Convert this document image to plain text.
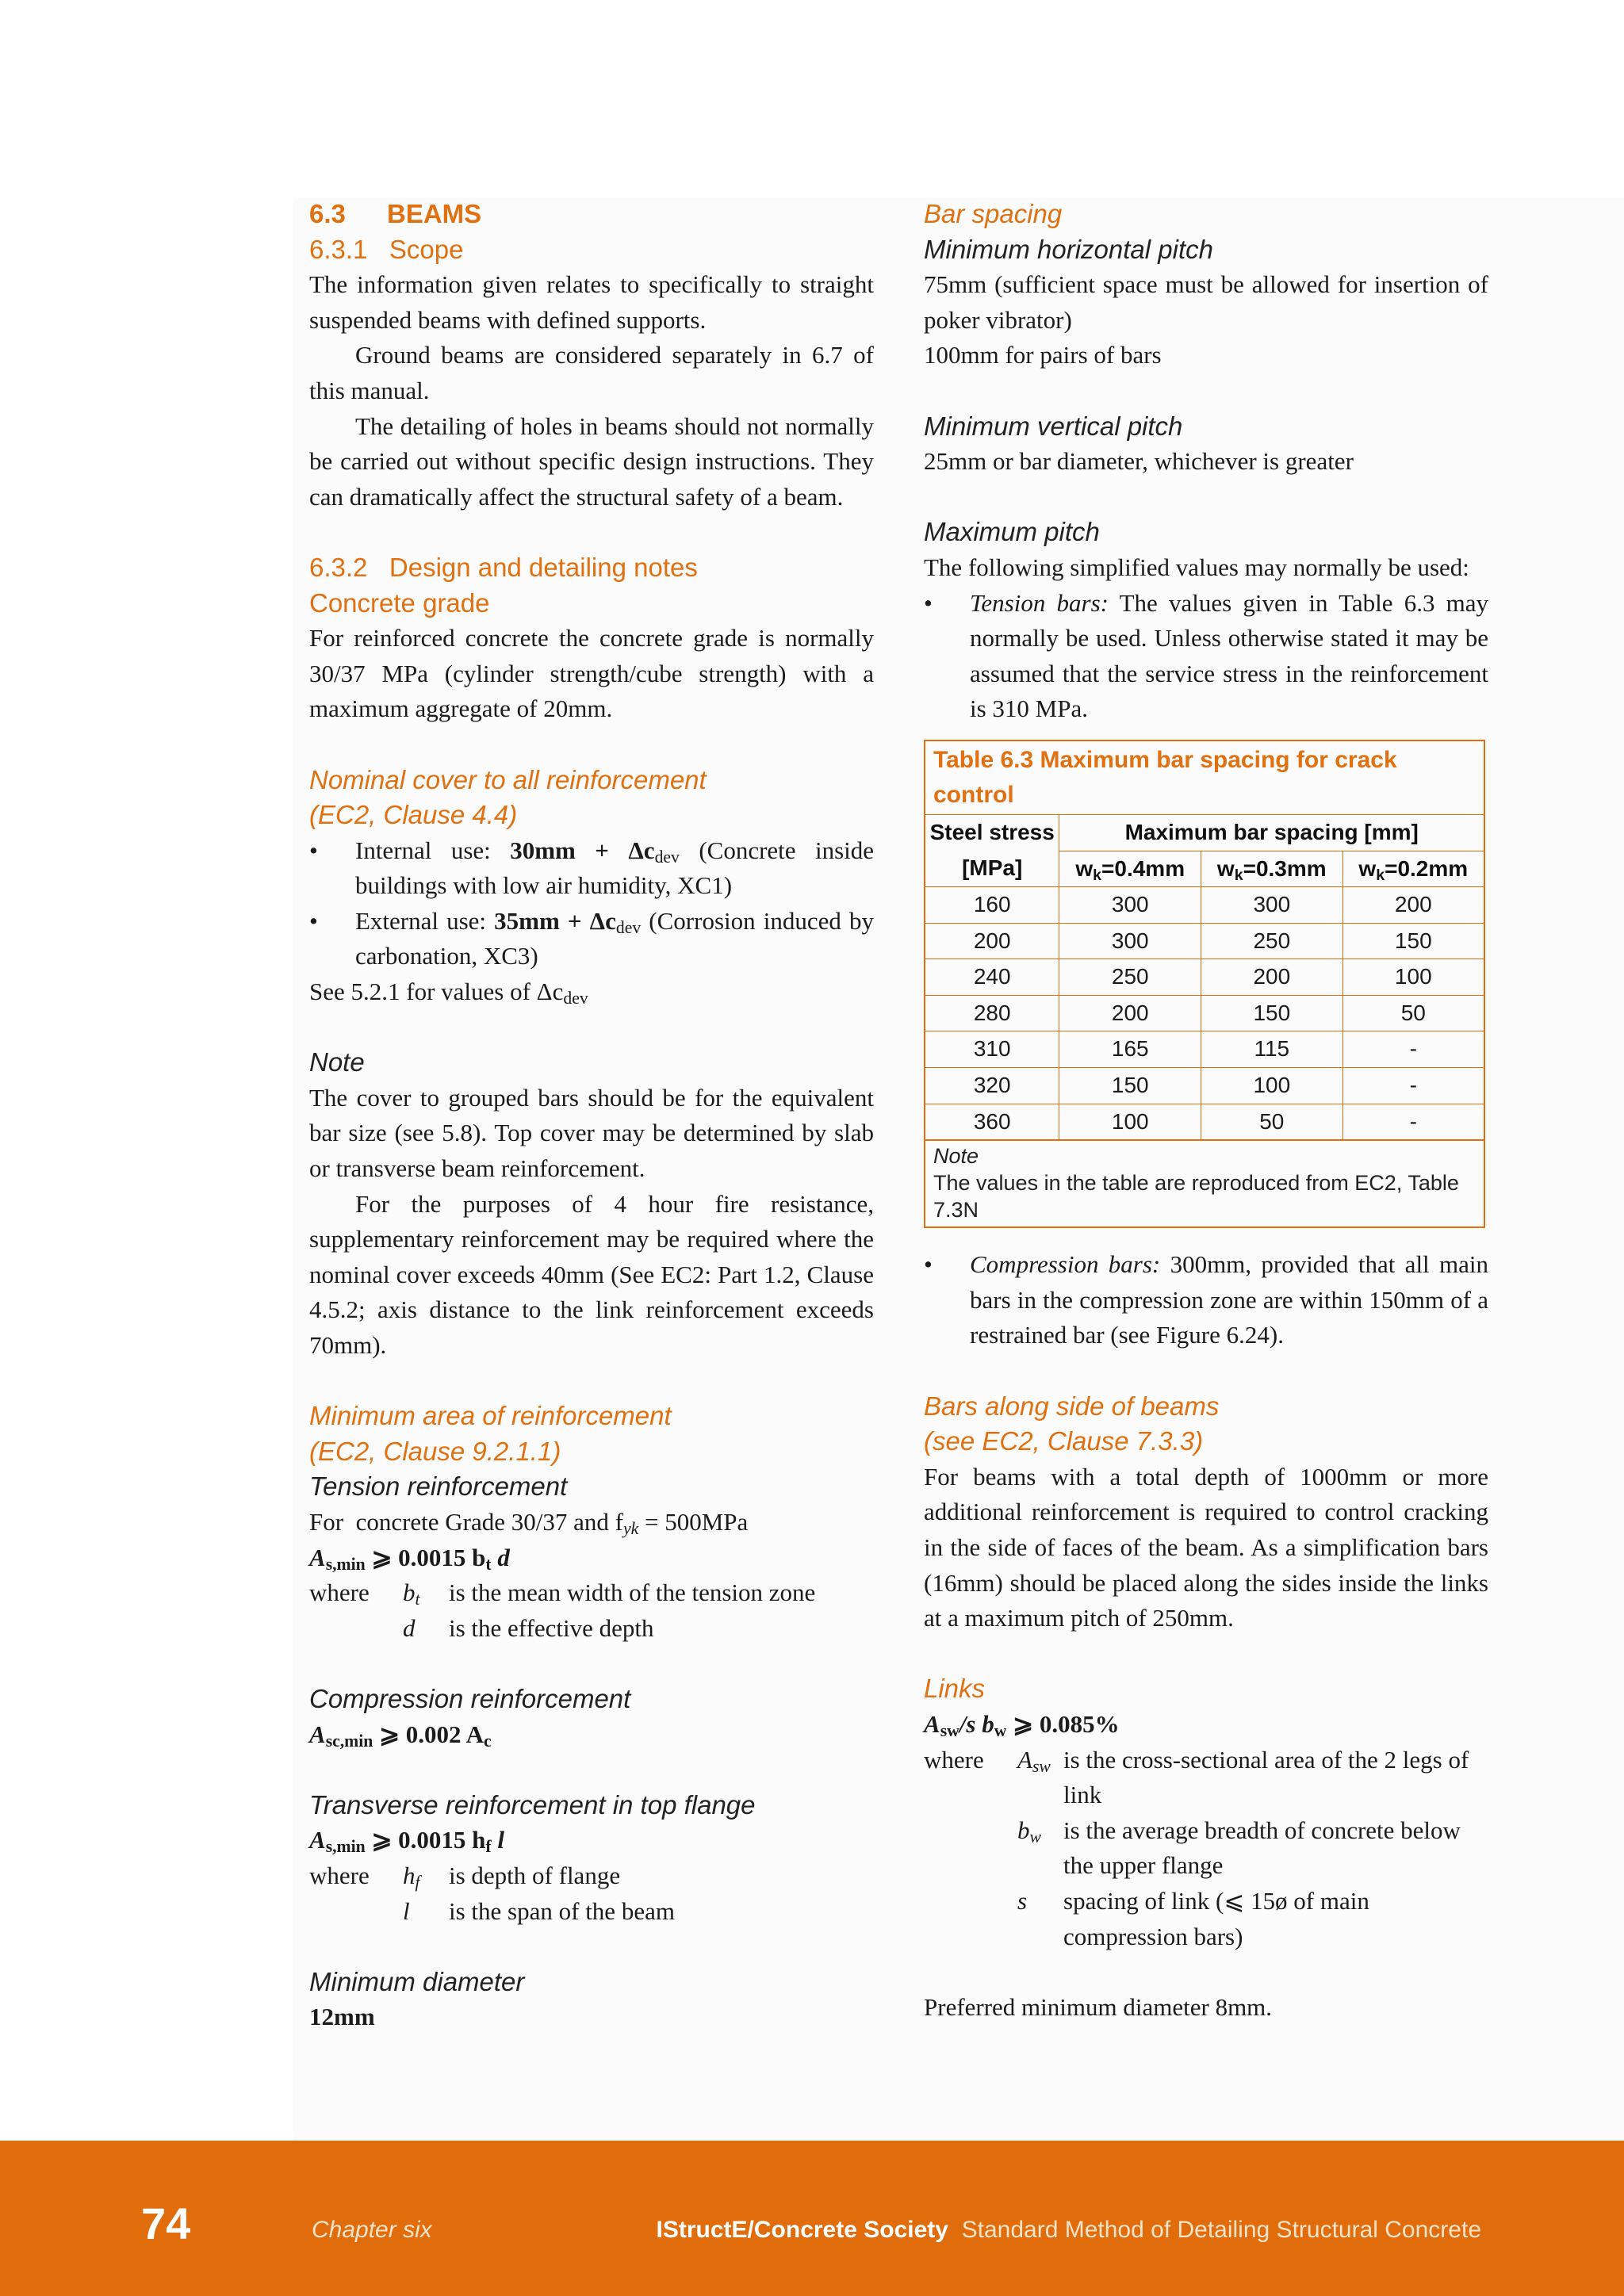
6.3 BEAMS
6.3.1   Scope

The information given relates to specifically to straight suspended beams with defined supports.

Ground beams are considered separately in 6.7 of this manual.

The detailing of holes in beams should not normally be carried out without specific design instructions. They can dramatically affect the structural safety of a beam.

6.3.2   Design and detailing notes
Concrete grade

For reinforced concrete the concrete grade is normally 30/37 MPa (cylinder strength/cube strength) with a maximum aggregate of 20mm.

Nominal cover to all reinforcement
(EC2, Clause 4.4)
• Internal use: $30mm + \Delta c_{dev}$ (Concrete inside buildings with low air humidity, XC1)
• External use: $35mm + \Delta c_{dev}$ (Corrosion induced by carbonation, XC3)

See 5.2.1 for values of $\Delta c_{dev}$

Note

The cover to grouped bars should be for the equivalent bar size (see 5.8). Top cover may be determined by slab or transverse beam reinforcement.

For the purposes of 4 hour fire resistance, supplementary reinforcement may be required where the nominal cover exceeds 40mm (See EC2: Part 1.2, Clause 4.5.2; axis distance to the link reinforcement exceeds 70mm).

Minimum area of reinforcement
(EC2, Clause 9.2.1.1)
Tension reinforcement

For  concrete Grade 30/37 and $f_{yk} = 500MPa$

$A_{s,min}$ ⩾ 0.0015 $b_t$ d

where	$b_t$	is the mean width of the tension zone
d	is the effective depth
Compression reinforcement

$A_{sc,min}$ ⩾ 0.002 $A_c$

Transverse reinforcement in top flange

$A_{s,min}$ ⩾ 0.0015 $h_f$ l

where	$h_f$	is depth of flange
l	is the span of the beam
Minimum diameter

12mm

Bar spacing
Minimum horizontal pitch

75mm (sufficient space must be allowed for insertion of poker vibrator)

100mm for pairs of bars

Minimum vertical pitch

25mm or bar diameter, whichever is greater

Maximum pitch

The following simplified values may normally be used:

• Tension bars: The values given in Table 6.3 may normally be used. Unless otherwise stated it may be assumed that the service stress in the reinforcement is 310 MPa.
Table 6.3 Maximum bar spacing for crack control
Steel stress	Maximum bar spacing [mm]		
[MPa]	$w_k=0.4mm$	$w_k=0.3mm$	$w_k=0.2mm$
160	300	300	200
200	300	250	150
240	250	200	100
280	200	150	50
310	165	115	-
320	150	100	-
360	100	50	-
Note
The values in the table are reproduced from EC2, Table 7.3N
• Compression bars: 300mm, provided that all main bars in the compression zone are within 150mm of a restrained bar (see Figure 6.24).
Bars along side of beams
(see EC2, Clause 7.3.3)

For beams with a total depth of 1000mm or more additional reinforcement is required to control cracking in the side of faces of the beam. As a simplification bars (16mm) should be placed along the sides inside the links at a maximum pitch of 250mm.

Links

$A_{sw}/s$ $b_w$ ⩾ 0.085%

where	$A_{sw}$ is the cross-sectional area of the 2 legs of link
$b_w$ is the average breadth of concrete below the upper flange
s	spacing of link (⩽ 15ø of main compression bars)

Preferred minimum diameter 8mm.

74	Chapter six	IStructE/Concrete Society Standard Method of Detailing Structural Concrete
